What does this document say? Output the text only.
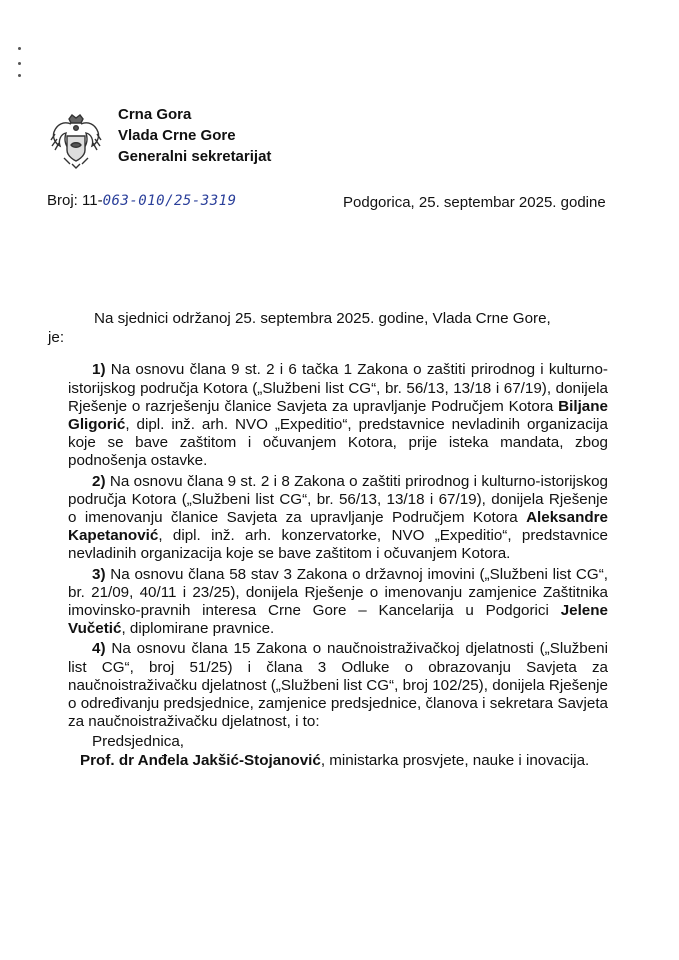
Crna Gora
Vlada Crne Gore
Generalni sekretarijat
Broj: 11-063-010/25-3319	Podgorica, 25. septembar 2025. godine

Na sjednici održanoj 25. septembra 2025. godine, Vlada Crne Gore,

je:

1) Na osnovu člana 9 st. 2 i 6 tačka 1 Zakona o zaštiti prirodnog i kulturno-istorijskog područja Kotora („Službeni list CG“, br. 56/13, 13/18 i 67/19), donijela Rješenje o razrješenju članice Savjeta za upravljanje Područjem Kotora Biljane Gligorić, dipl. inž. arh. NVO „Expeditio“, predstavnice nevladinih organizacija koje se bave zaštitom i očuvanjem Kotora, prije isteka mandata, zbog podnošenja ostavke.

2) Na osnovu člana 9 st. 2 i 8 Zakona o zaštiti prirodnog i kulturno-istorijskog područja Kotora („Službeni list CG“, br. 56/13, 13/18 i 67/19), donijela Rješenje o imenovanju članice Savjeta za upravljanje Područjem Kotora Aleksandre Kapetanović, dipl. inž. arh. konzervatorke, NVO „Expeditio“, predstavnice nevladinih organizacija koje se bave zaštitom i očuvanjem Kotora.

3) Na osnovu člana 58 stav 3 Zakona o državnoj imovini („Službeni list CG“, br. 21/09, 40/11 i 23/25), donijela Rješenje o imenovanju zamjenice Zaštitnika imovinsko-pravnih interesa Crne Gore – Kancelarija u Podgorici Jelene Vučetić, diplomirane pravnice.

4) Na osnovu člana 15 Zakona o naučnoistraživačkoj djelatnosti („Službeni list CG“, broj 51/25) i člana 3 Odluke o obrazovanju Savjeta za naučnoistraživačku djelatnost („Službeni list CG“, broj 102/25), donijela Rješenje o određivanju predsjednice, zamjenice predsjednice, članova i sekretara Savjeta za naučnoistraživačku djelatnost, i to:

Predsjednica,

Prof. dr Anđela Jakšić-Stojanović, ministarka prosvjete, nauke i inovacija.
